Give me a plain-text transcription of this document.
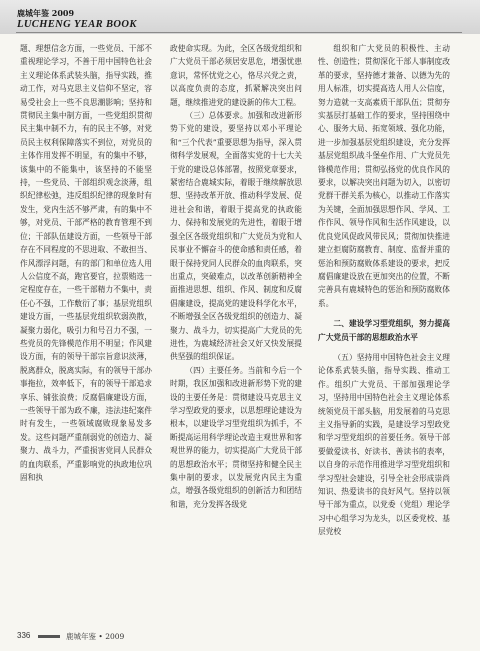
鹿城年鉴 2009
LUCHENG YEAR BOOK

题、理想信念方面，一些党员、干部不重视理论学习，不善于用中国特色社会主义理论体系武装头脑，指导实践，推动工作，对马克思主义信仰不坚定，容易受社会上一些不良思潮影响；坚持和贯彻民主集中制方面，一些党组织贯彻民主集中制不力，有的民主不够，对党员民主权利保障落实不到位，对党员的主体作用发挥不明显，有的集中不够，该集中的不能集中，该坚持的不能坚持，一些党员、干部组织观念淡薄，组织纪律松弛，违反组织纪律的现象时有发生，党内生活不够严肃，有的集中不够，对党员、干部严格的教育管理不到位；干部队伍建设方面，一些领导干部存在不同程度的不思进取、不敢担当、作风漂浮问题，有的部门和单位选人用人公信度不高，跑官要官，拉票贿选一定程度存在，一些干部精力不集中，责任心不强，工作敷衍了事；基层党组织建设方面，一些基层党组织软弱涣散，凝聚力弱化，吸引力和号召力不强，一些党员的先锋模范作用不明显；作风建设方面，有的领导干部宗旨意识淡薄，脱离群众，脱离实际，有的领导干部办事拖拉，效率低下，有的领导干部追求享乐、铺张浪费；反腐倡廉建设方面，一些领导干部为政不廉，违法违纪案件时有发生，一些领域腐败现象易发多发。这些问题严重削弱党的创造力、凝聚力、战斗力，严重损害党同人民群众的血肉联系，严重影响党的执政地位巩固和执

政使命实现。为此，全区各级党组织和广大党员干部必须居安思危，增强忧患意识，常怀忧党之心，恪尽兴党之责，以高度负责的态度，抓紧解决突出问题，继续推进党的建设新的伟大工程。

（三）总体要求。加强和改进新形势下党的建设，要坚持以邓小平理论和“三个代表”重要思想为指导，深入贯彻科学发展观，全面落实党的十七大关于党的建设总体部署，按照党章要求，紧密结合鹿城实际，着眼于继续解放思想、坚持改革开放、推动科学发展、促进社会和谐，着眼于提高党的执政能力、保持和发展党的先进性，着眼于增强全区各级党组织和广大党员为党和人民事业不懈奋斗的使命感和责任感，着眼于保持党同人民群众的血肉联系，突出重点，突破难点，以改革创新精神全面推进思想、组织、作风、制度和反腐倡廉建设，提高党的建设科学化水平，不断增强全区各级党组织的创造力、凝聚力、战斗力，切实提高广大党员的先进性，为鹿城经济社会又好又快发展提供坚强的组织保证。

（四）主要任务。当前和今后一个时期，我区加强和改进新形势下党的建设的主要任务是：贯彻建设马克思主义学习型政党的要求，以思想理论建设为根本，以建设学习型党组织为抓手，不断提高运用科学理论改造主观世界和客观世界的能力，切实提高广大党员干部的思想政治水平；贯彻坚持和健全民主集中制的要求，以发展党内民主为重点，增强各级党组织的创新活力和团结和谐，充分发挥各级党

组织和广大党员的积极性、主动性、创造性；贯彻深化干部人事制度改革的要求，坚持德才兼备、以德为先的用人标准，切实提高选人用人公信度，努力造就一支高素质干部队伍；贯彻夯实基层打基础工作的要求，坚持围绕中心、服务大局、拓宽领域、强化功能，进一步加强基层党组织建设，充分发挥基层党组织战斗堡垒作用、广大党员先锋模范作用；贯彻弘扬党的优良作风的要求，以解决突出问题为切入，以密切党群干群关系为核心，以推动工作落实为关键，全面加强思想作风、学风、工作作风、领导作风和生活作风建设，以优良党风促政风带民风；贯彻加快推进建立拒腐防腐教育、制度、监督并重的惩治和预防腐败体系建设的要求，把反腐倡廉建设放在更加突出的位置，不断完善具有鹿城特色的惩治和预防腐败体系。

二、建设学习型党组织，努力提高广大党员干部的思想政治水平

（五）坚持用中国特色社会主义理论体系武装头脑，指导实践、推动工作。组织广大党员、干部加强理论学习，坚持用中国特色社会主义理论体系统领党员干部头脑，用发展着的马克思主义指导新的实践，是建设学习型政党和学习型党组织的首要任务。领导干部要做爱读书、好读书、善读书的表率，以自身的示范作用推进学习型党组织和学习型社会建设，引导全社会形成崇尚知识、热爱读书的良好风气。坚持以领导干部为重点，以党委（党组）理论学习中心组学习为龙头，以区委党校、基层党校

336	鹿城年鉴 • 2009
